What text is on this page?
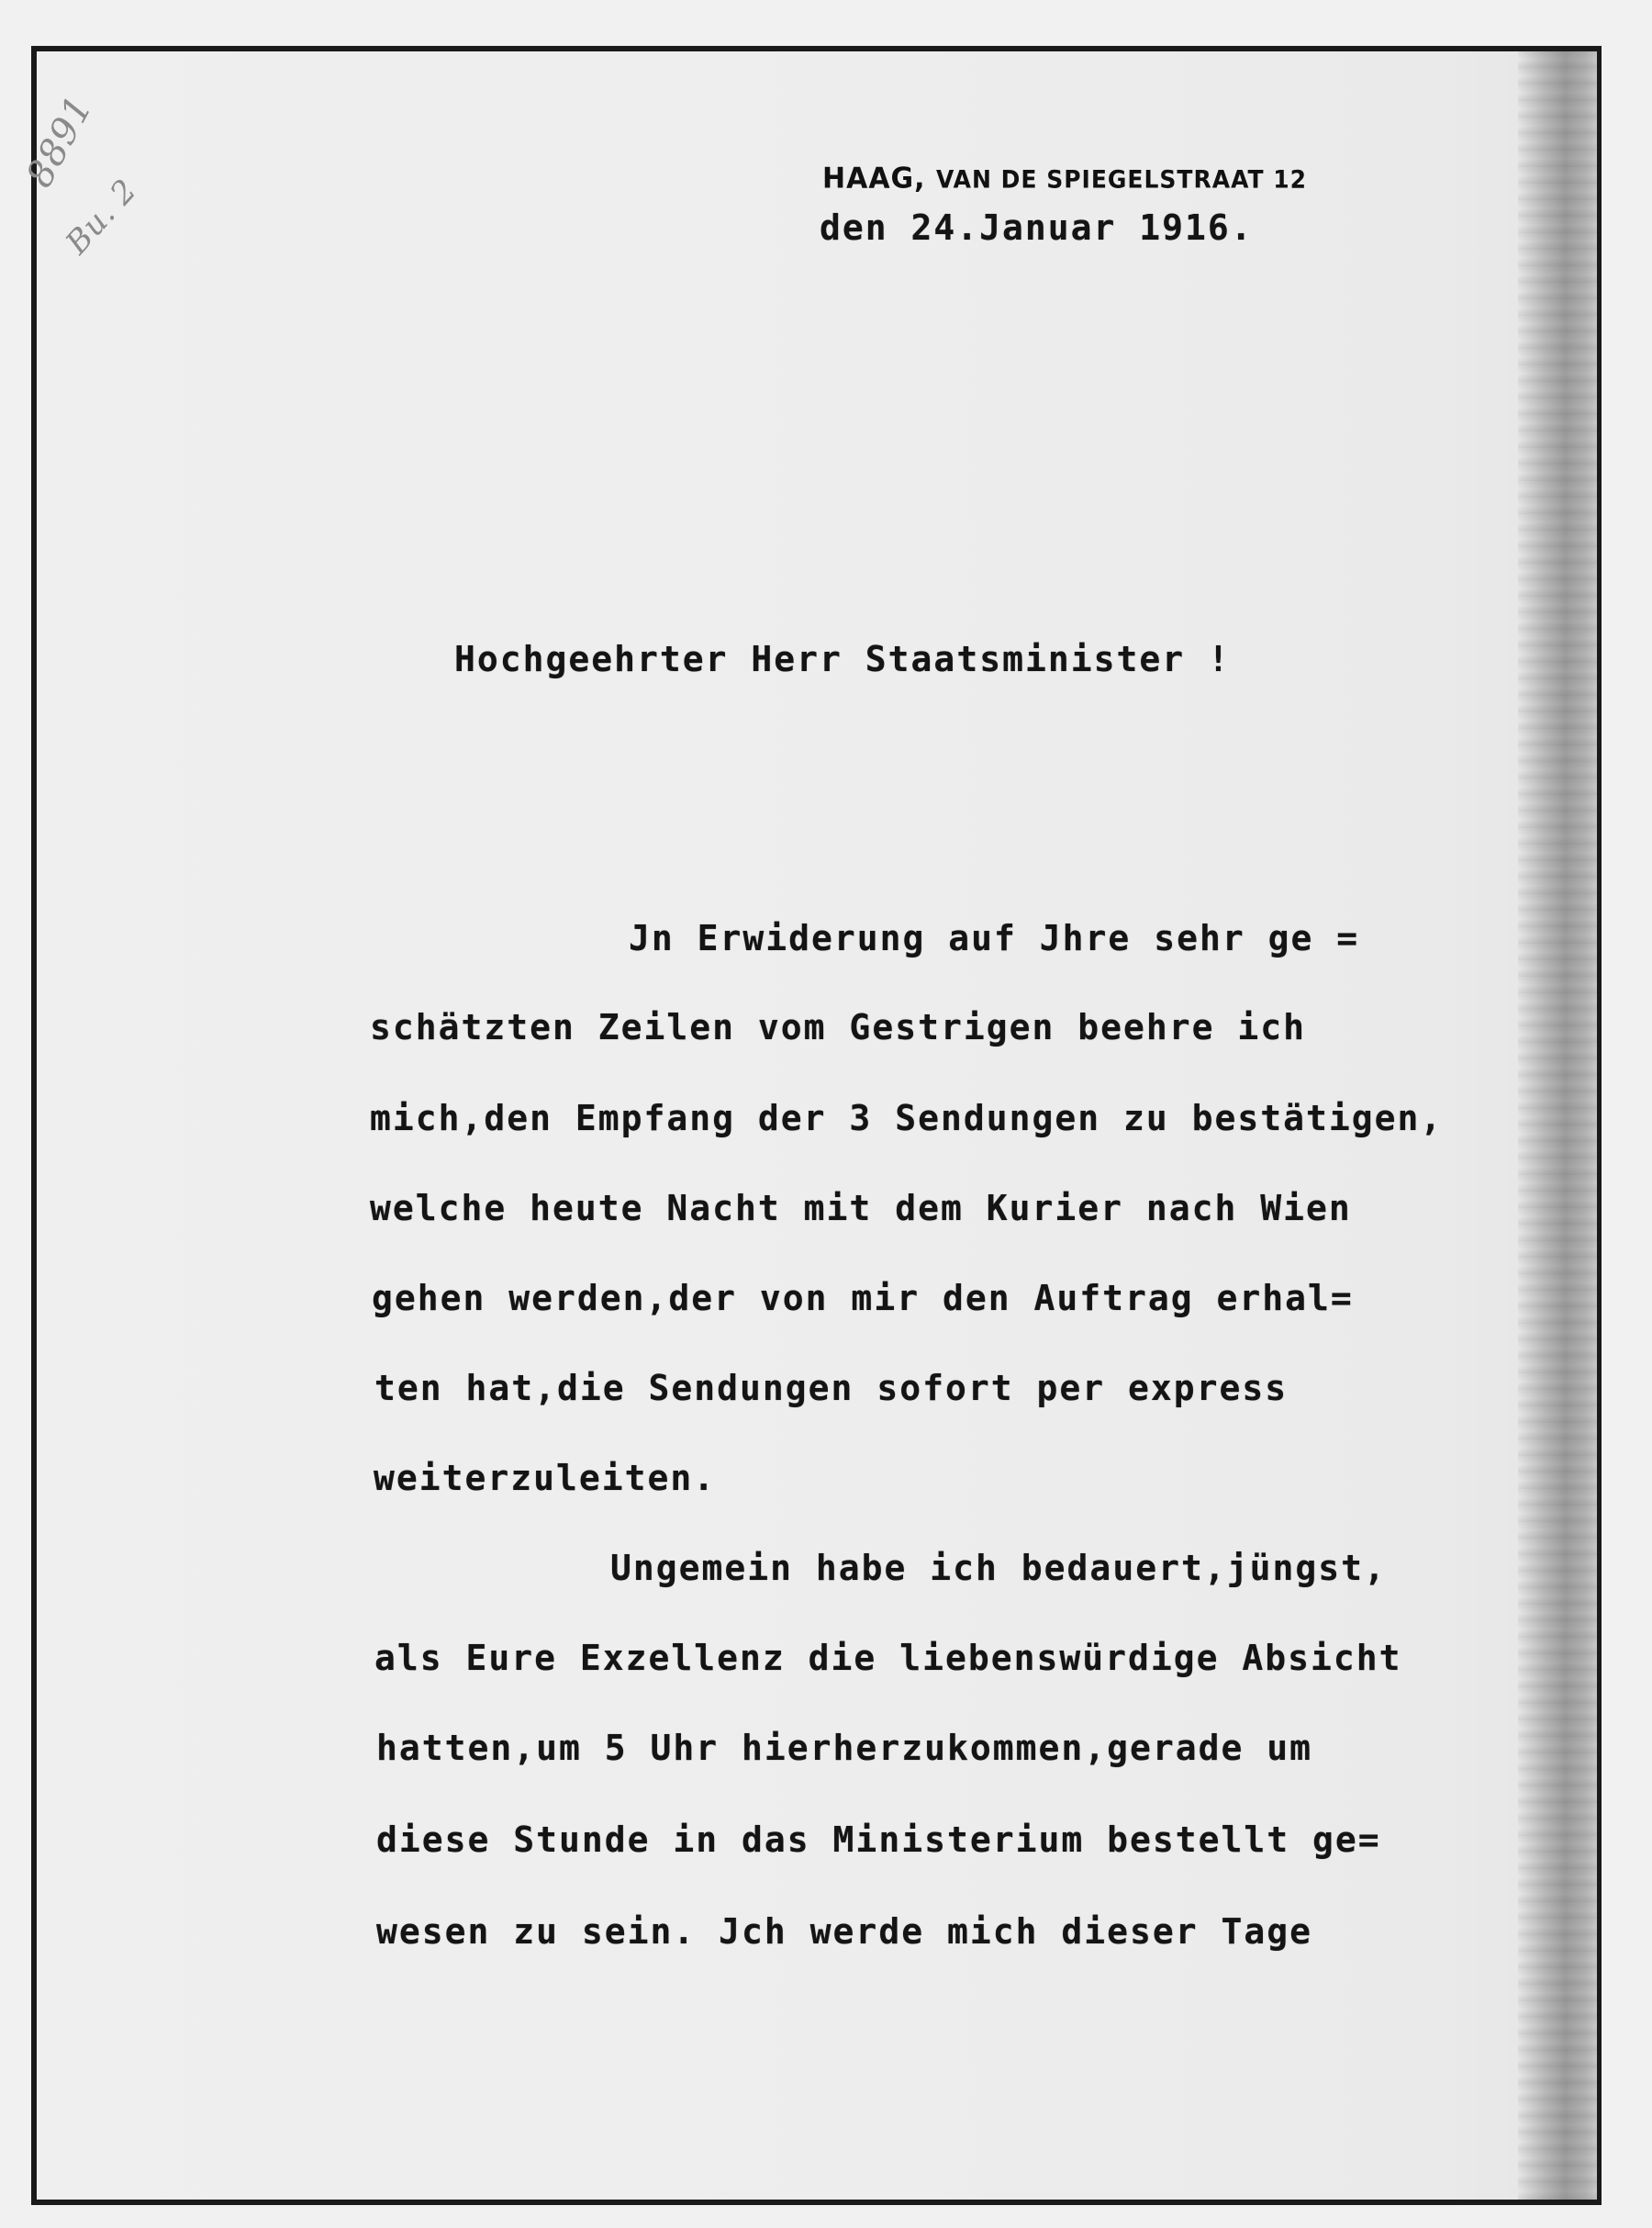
8891
Bu. 2	HAAG, VAN DE SPIEGELSTRAAT 12
den 24.Januar 1916.
Hochgeehrter Herr Staatsminister !
Jn Erwiderung auf Jhre sehr ge =
schätzten Zeilen vom Gestrigen beehre ich
mich,den Empfang der 3 Sendungen zu bestätigen,
welche heute Nacht mit dem Kurier nach Wien
gehen werden,der von mir den Auftrag erhal=
ten hat,die Sendungen sofort per express
weiterzuleiten.
Ungemein habe ich bedauert,jüngst,
als Eure Exzellenz die liebenswürdige Absicht
hatten,um 5 Uhr hierherzukommen,gerade um
diese Stunde in das Ministerium bestellt ge=
wesen zu sein. Jch werde mich dieser Tage
